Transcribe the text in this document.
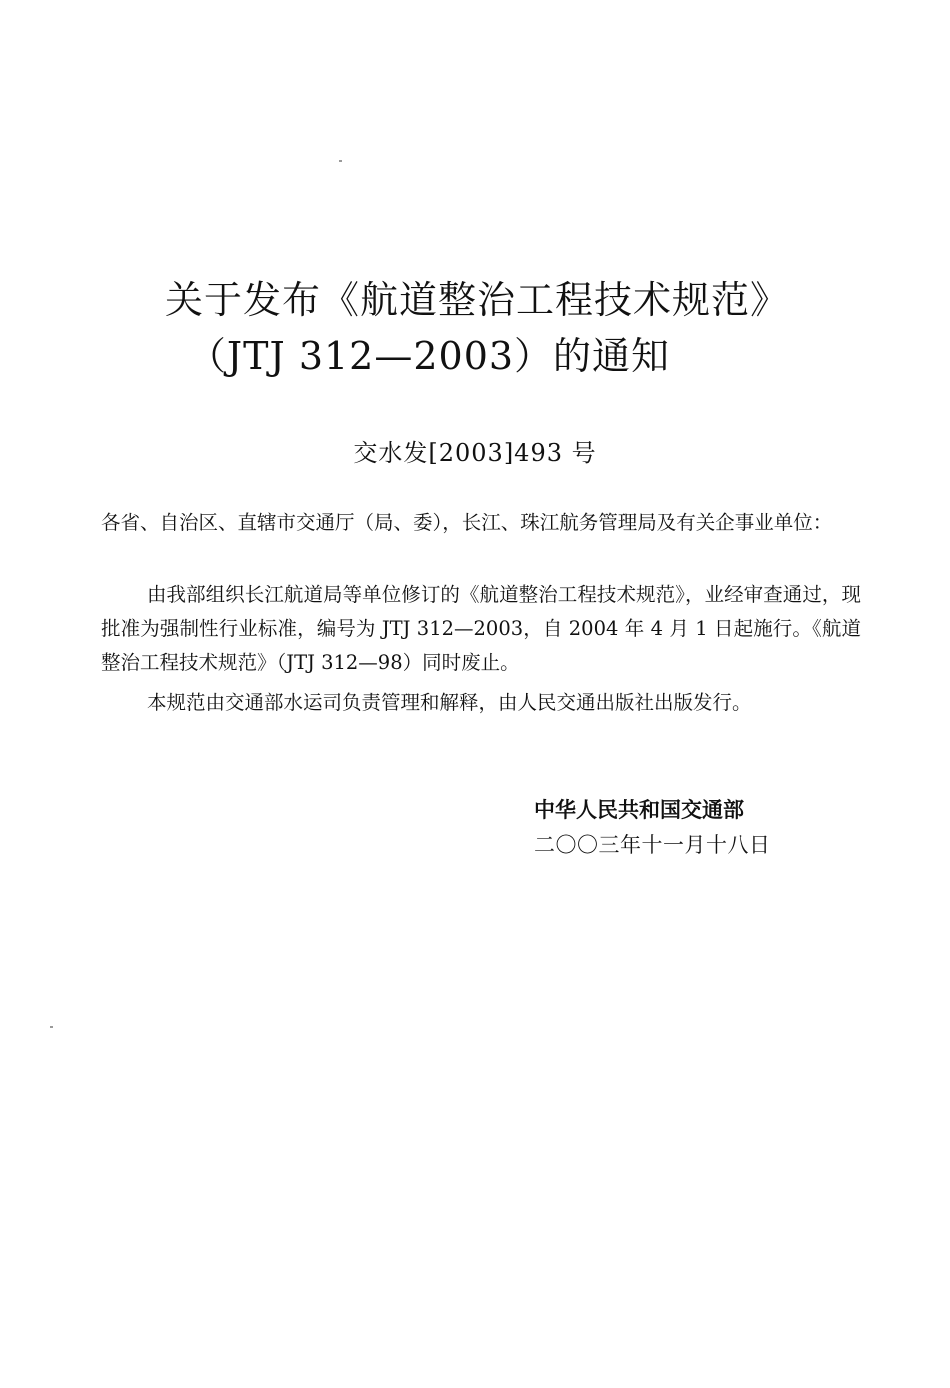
关于发布《航道整治工程技术规范》
（JTJ 312—2003）的通知
交水发[2003]493 号
各省、自治区、直辖市交通厅（局、委），长江、珠江航务管理局及有关企事业单位：
由我部组织长江航道局等单位修订的《航道整治工程技术规范》，业经审查通过，现批准为强制性行业标准，编号为 JTJ 312—2003，自 2004 年 4 月 1 日起施行。《航道整治工程技术规范》（JTJ 312—98）同时废止。
本规范由交通部水运司负责管理和解释，由人民交通出版社出版发行。
中华人民共和国交通部
二〇〇三年十一月十八日
